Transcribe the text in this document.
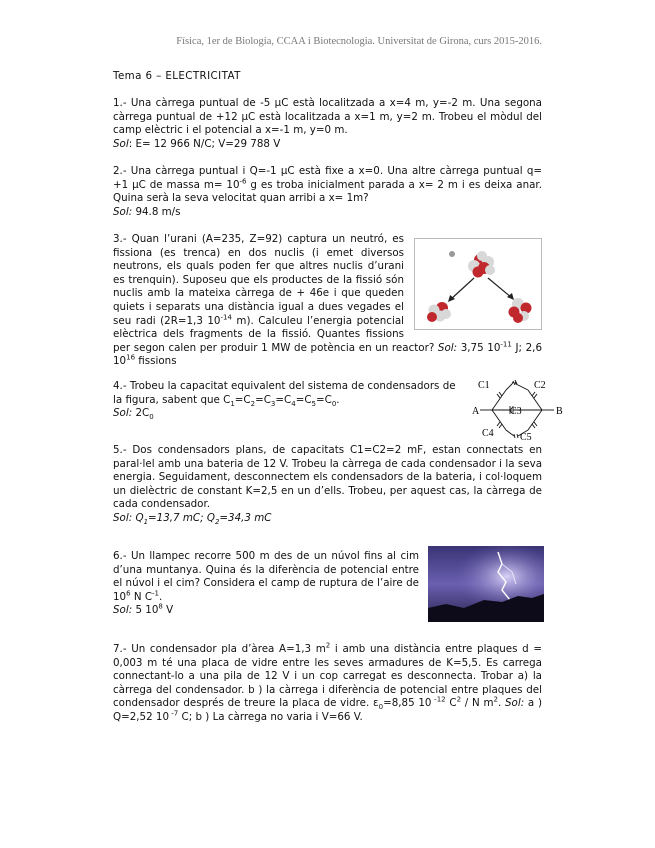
Física, 1er de Biologia, CCAA i Biotecnologia. Universitat de Girona, curs 2015-2016.
Tema 6 – ELECTRICITAT
1.- Una càrrega puntual de -5 µC està localitzada a x=4 m, y=-2 m. Una segona càrrega puntual de +12 µC està localitzada a x=1 m, y=2 m. Trobeu el mòdul del camp elèctric i el potencial a x=-1 m, y=0 m.
Sol: E= 12 966 N/C; V=29 788 V
2.- Una càrrega puntual i Q=-1 µC està fixe a x=0. Una altre càrrega puntual q= +1 µC de massa $m= 10^{-6}$ g es troba inicialment parada a x= 2 m i es deixa anar. Quina serà la seva velocitat quan arribi a x= 1m?
Sol: 94.8 m/s
3.- Quan l’urani (A=235, Z=92) captura un neutró, es fissiona (es trenca) en dos nuclis (i emet diversos neutrons, els quals poden fer que altres nuclis d’urani es trenquin). Suposeu que els productes de la fissió són nuclis amb la mateixa càrrega de + 46e i que queden quiets i separats una distància igual a dues vegades el seu radi (2R=1,3 $10^{-14}$ m). Calculeu l’energia potencial elèctrica dels fragments de la fissió. Quantes fissions per segon calen per produir 1 MW de potència en un reactor? Sol: 3,75 $10^{-11}$ J; 2,6 $10^{16}$ fissions
4.- Trobeu la capacitat equivalent del sistema de condensadors de la figura, sabent que $C_1=C_2=C_3=C_4=C_5=C_0$.
Sol: $2C_0$
C1	C2
C3
C4	C5
A	B
5.- Dos condensadors plans, de capacitats C1=C2=2 mF, estan connectats en paral·lel amb una bateria de 12 V. Trobeu la càrrega de cada condensador i la seva energia. Seguidament, desconnectem els condensadors de la bateria, i col·loquem un dielèctric de constant K=2,5 en un d’ells. Trobeu, per aquest cas, la càrrega de cada condensador.
Sol: $Q_1=13,7$ mC; $Q_2=34,3$ mC
6.- Un llampec recorre 500 m des de un núvol fins al cim d’una muntanya. Quina és la diferència de potencial entre el núvol i el cim? Considera el camp de ruptura de l’aire de $10^6$ N $C^{-1}$.
Sol: 5 $10^8$ V
7.- Un condensador pla d’àrea A=1,3 $m^2$ i amb una distància entre plaques d = 0,003 m té una placa de vidre entre les seves armadures de K=5,5. Es carrega connectant-lo a una pila de 12 V i un cop carregat es desconnecta. Trobar a) la càrrega del condensador. b ) la càrrega i diferència de potencial entre plaques del condensador després de treure la placa de vidre. $\varepsilon_0=8,85$ 10 $^{-12}$ $C^2$ / N $m^2$. Sol: a ) Q=2,52 10 $^{-7}$ C; b ) La càrrega no varia i V=66 V.
